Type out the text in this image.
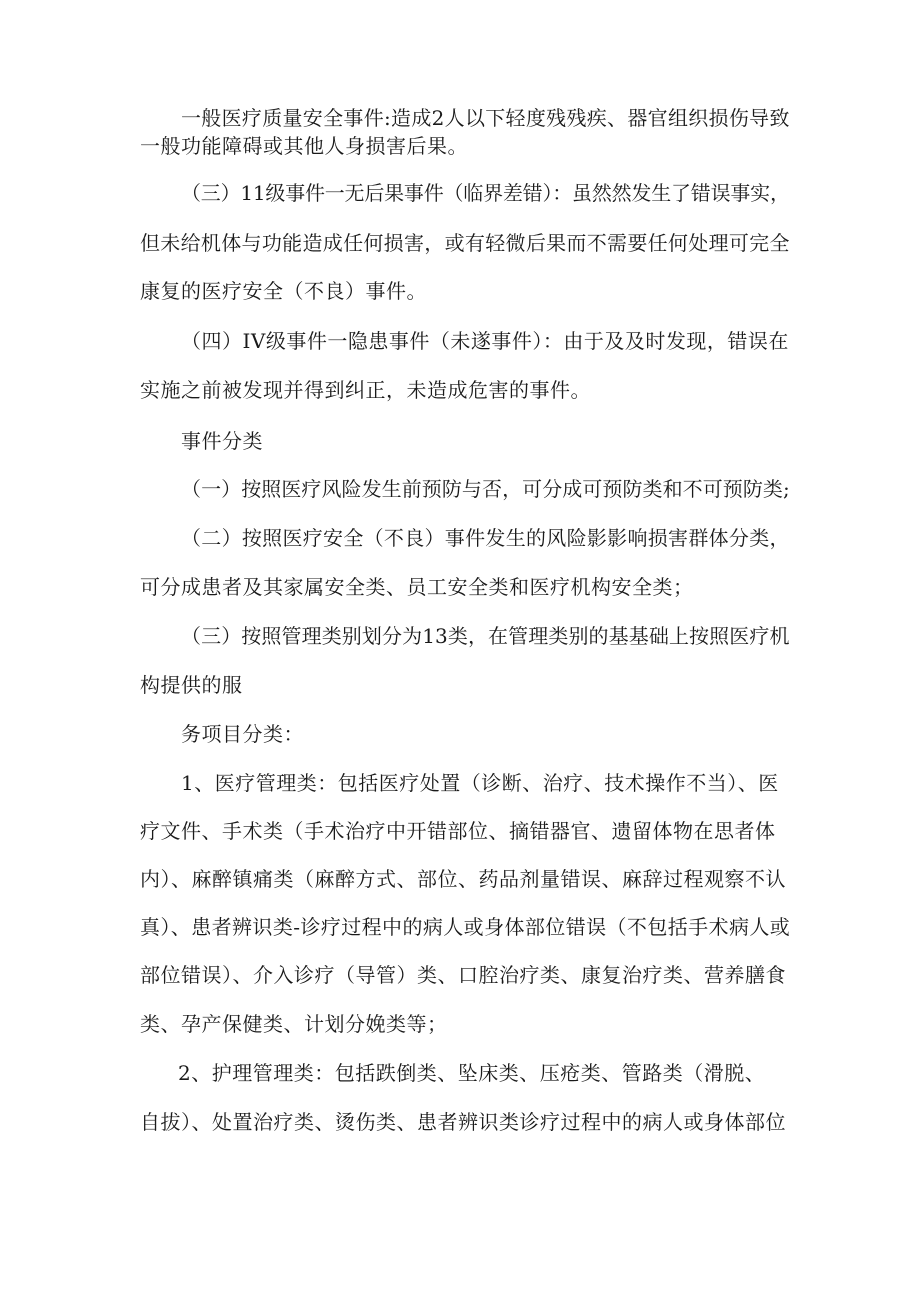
一般医疗质量安全事件:造成2人以下轻度残残疾、器官组织损伤导致
一般功能障碍或其他人身损害后果。
（三）11级事件一无后果事件（临界差错）：虽然然发生了错误事实，
但未给机体与功能造成任何损害，或有轻微后果而不需要任何处理可完全
康复的医疗安全（不良）事件。
（四）IV级事件一隐患事件（未遂事件）：由于及及时发现，错误在
实施之前被发现并得到纠正，未造成危害的事件。
事件分类
（一）按照医疗风险发生前预防与否，可分成可预防类和不可预防类;
（二）按照医疗安全（不良）事件发生的风险影影响损害群体分类，
可分成患者及其家属安全类、员工安全类和医疗机构安全类；
（三）按照管理类别划分为13类，在管理类别的基基础上按照医疗机
构提供的服
务项目分类：
1、医疗管理类：包括医疗处置（诊断、治疗、技术操作不当）、医
疗文件、手术类（手术治疗中开错部位、摘错器官、遗留体物在思者体
内）、麻醉镇痛类（麻醉方式、部位、药品剂量错误、麻辞过程观察不认
真）、患者辨识类-诊疗过程中的病人或身体部位错误（不包括手术病人或
部位错误）、介入诊疗（导管）类、口腔治疗类、康复治疗类、营养膳食
类、孕产保健类、计划分娩类等；
2、护理管理类：包括跌倒类、坠床类、压疮类、管路类（滑脱、
自拔）、处置治疗类、烫伤类、患者辨识类诊疗过程中的病人或身体部位
